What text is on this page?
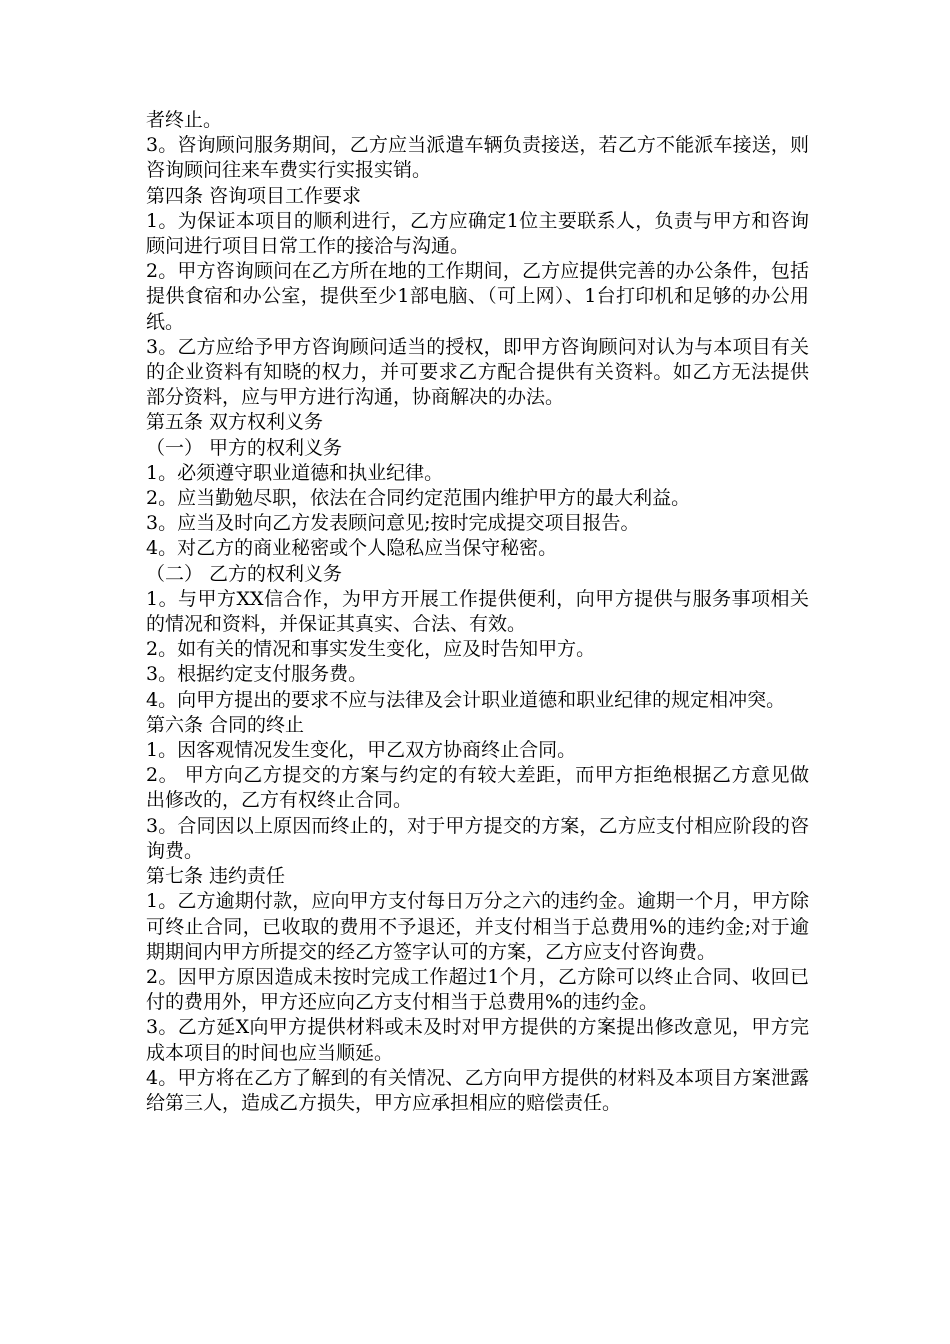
者终止。

3。咨询顾问服务期间，乙方应当派遣车辆负责接送，若乙方不能派车接送，则咨询顾问往来车费实行实报实销。

第四条 咨询项目工作要求

1。为保证本项目的顺利进行，乙方应确定1位主要联系人，负责与甲方和咨询顾问进行项目日常工作的接洽与沟通。

2。甲方咨询顾问在乙方所在地的工作期间，乙方应提供完善的办公条件，包括提供食宿和办公室，提供至少1部电脑、（可上网）、1台打印机和足够的办公用纸。

3。乙方应给予甲方咨询顾问适当的授权，即甲方咨询顾问对认为与本项目有关的企业资料有知晓的权力，并可要求乙方配合提供有关资料。如乙方无法提供部分资料，应与甲方进行沟通，协商解决的办法。

第五条 双方权利义务

（一） 甲方的权利义务

1。必须遵守职业道德和执业纪律。

2。应当勤勉尽职，依法在合同约定范围内维护甲方的最大利益。

3。应当及时向乙方发表顾问意见;按时完成提交项目报告。

4。对乙方的商业秘密或个人隐私应当保守秘密。

（二） 乙方的权利义务

1。与甲方XX信合作，为甲方开展工作提供便利，向甲方提供与服务事项相关的情况和资料，并保证其真实、合法、有效。

2。如有关的情况和事实发生变化，应及时告知甲方。

3。根据约定支付服务费。

4。向甲方提出的要求不应与法律及会计职业道德和职业纪律的规定相冲突。

第六条 合同的终止

1。因客观情况发生变化，甲乙双方协商终止合同。

2。 甲方向乙方提交的方案与约定的有较大差距，而甲方拒绝根据乙方意见做出修改的，乙方有权终止合同。

3。合同因以上原因而终止的，对于甲方提交的方案，乙方应支付相应阶段的咨询费。

第七条 违约责任

1。乙方逾期付款，应向甲方支付每日万分之六的违约金。逾期一个月，甲方除可终止合同，已收取的费用不予退还，并支付相当于总费用%的违约金;对于逾期期间内甲方所提交的经乙方签字认可的方案，乙方应支付咨询费。

2。因甲方原因造成未按时完成工作超过1个月，乙方除可以终止合同、收回已付的费用外，甲方还应向乙方支付相当于总费用%的违约金。

3。乙方延X向甲方提供材料或未及时对甲方提供的方案提出修改意见，甲方完成本项目的时间也应当顺延。

4。甲方将在乙方了解到的有关情况、乙方向甲方提供的材料及本项目方案泄露给第三人，造成乙方损失，甲方应承担相应的赔偿责任。
